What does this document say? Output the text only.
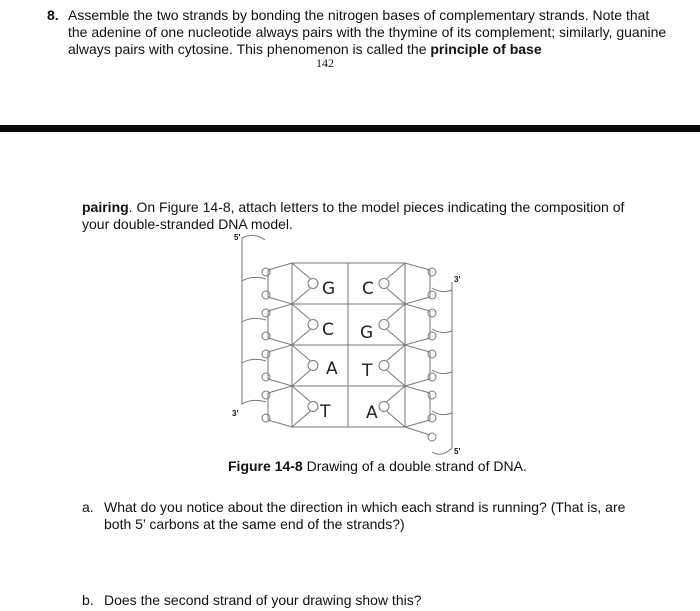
8. Assemble the two strands by bonding the nitrogen bases of complementary strands. Note that
the adenine of one nucleotide always pairs with the thymine of its complement; similarly, guanine
always pairs with cytosine. This phenomenon is called the principle of base
142
pairing. On Figure 14-8, attach letters to the model pieces indicating the composition of
your double-stranded DNA model.
5'
3'
3'
5'
G C
C G
A T
T A
Figure 14-8 Drawing of a double strand of DNA.
a. What do you notice about the direction in which each strand is running? (That is, are
both 5’ carbons at the same end of the strands?)
b. Does the second strand of your drawing show this?
